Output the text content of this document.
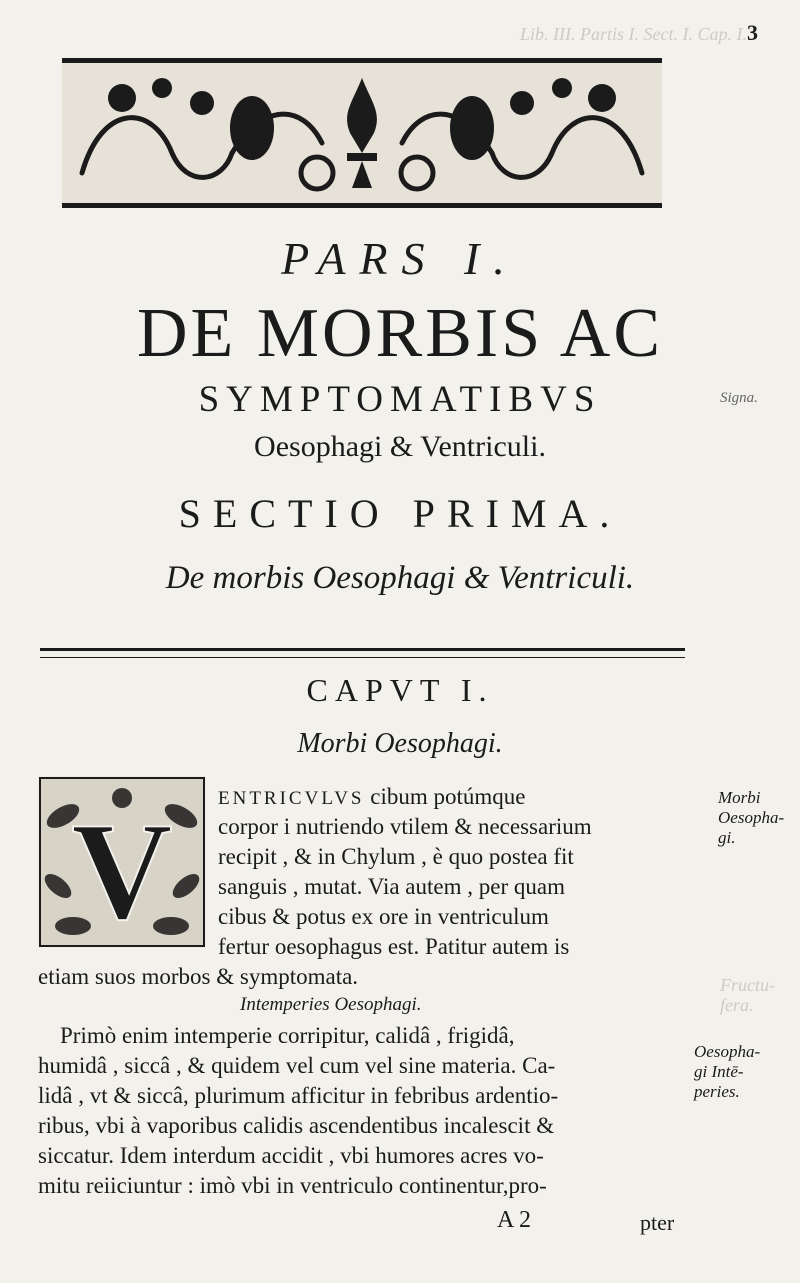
Lib. III. Partis I. Sect. I. Cap. I.
Fructu-
fera.
3
C	C
PARS I.
DE MORBIS AC
SYMPTOMATIBVS
Oesophagi & Ventriculi.
SECTIO PRIMA.
De morbis Oesophagi & Ventriculi.
CAPVT I.
Morbi Oesophagi.
V ENTRICVLVS cibum potúmque
corpor i nutriendo vtilem & necessarium
recipit , & in Chylum , è quo postea fit
sanguis , mutat. Via autem , per quam
cibus & potus ex ore in ventriculum
fertur oesophagus est. Patitur autem is
etiam suos morbos & symptomata.
Intemperies Oesophagi.
Primò enim intemperie corripitur, calidâ , frigidâ,
humidâ , siccâ , & quidem vel cum vel sine materia. Ca-
lidâ , vt & siccâ, plurimum afficitur in febribus ardentio-
ribus, vbi à vaporibus calidis ascendentibus incalescit &
siccatur. Idem interdum accidit , vbi humores acres vo-
mitu reiiciuntur : imò vbi in ventriculo continentur,pro-
Morbi
Oesopha-
gi.
Oesopha-
gi Intē-
peries.
Signa.
A 2	pter
